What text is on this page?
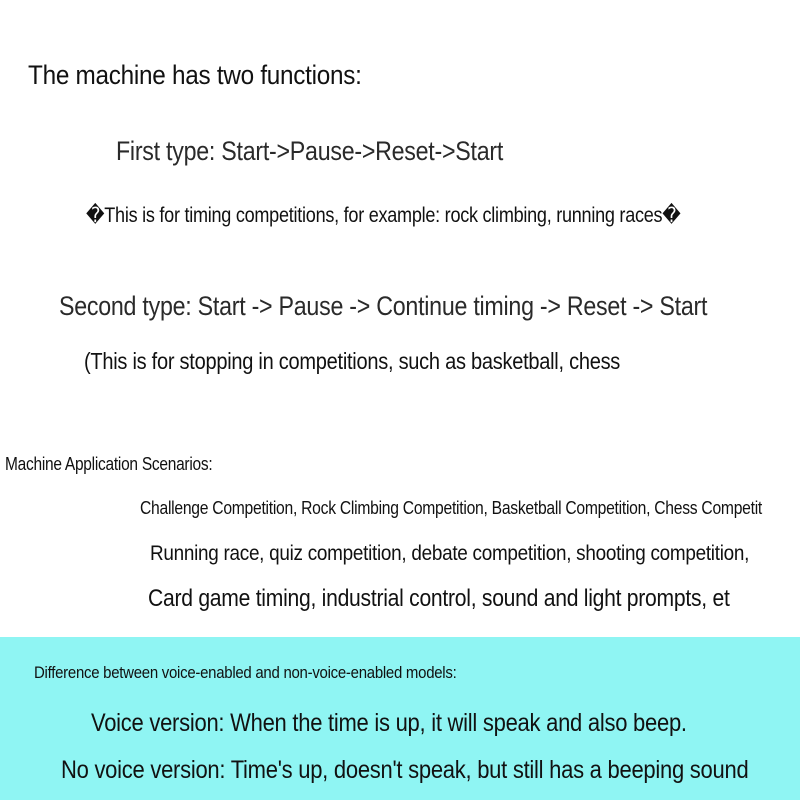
The machine has two functions:
First type: Start->Pause->Reset->Start
�This is for timing competitions, for example: rock climbing, running races�
Second type: Start -> Pause -> Continue timing -> Reset -> Start
(This is for stopping in competitions, such as basketball, chess
Machine Application Scenarios:
Challenge Competition, Rock Climbing Competition, Basketball Competition, Chess Competit
Running race, quiz competition, debate competition, shooting competition,
Card game timing, industrial control, sound and light prompts, et
Difference between voice-enabled and non-voice-enabled models:
Voice version: When the time is up, it will speak and also beep.
No voice version: Time's up, doesn't speak, but still has a beeping sound
